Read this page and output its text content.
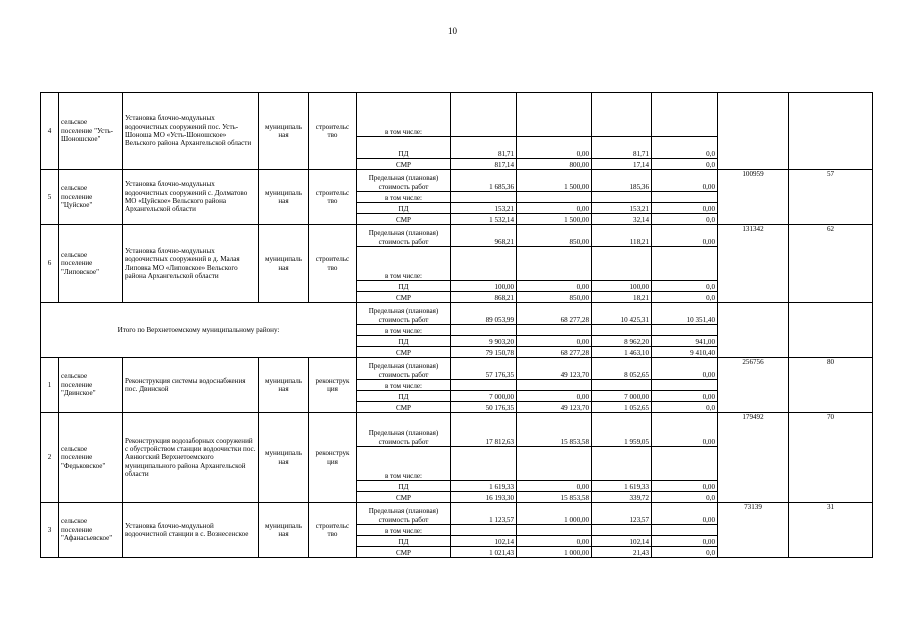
10
4	сельское поселение "Усть-Шоношское"	Установка блочно-модульных водоочистных сооружений пос. Усть-Шоноша МО «Усть-Шоношское» Вельского района Архангельской области	муниципаль ная	строительс тво	в том числе:						
					ПД	81,71	0,00	81,71	0,0		
					СМР	817,14	800,00	17,14	0,0		
5	сельское поселение "Цуйское"	Установка блочно-модульных водоочистных сооружений с. Долматово МО «Цуйское» Вельского района Архангельской области	муниципаль ная	строительс тво	Предельная (плановая) стоимость работ	1 685,36	1 500,00	185,36	0,00	100959	57
					в том числе:						
					ПД	153,21	0,00	153,21	0,00		
					СМР	1 532,14	1 500,00	32,14	0,0		
6	сельское поселение "Липовское"	Установка блочно-модульных водоочистных сооружений в д. Малая Липовка МО «Липовское» Вельского района Архангельской области	муниципаль ная	строительс тво	Предельная (плановая) стоимость работ	968,21	850,00	118,21	0,00	131342	62
					в том числе:						
					ПД	100,00	0,00	100,00	0,0		
					СМР	868,21	850,00	18,21	0,0		
Итого по Верхнетоемскому муниципальному району:					Предельная (плановая) стоимость работ	89 053,99	68 277,28	10 425,31	10 351,40		
					в том числе:						
					ПД	9 903,20	0,00	8 962,20	941,00		
					СМР	79 150,78	68 277,28	1 463,10	9 410,40		
1	сельское поселение "Двинское"	Реконструкция системы водоснабжения пос. Двинской	муниципаль ная	реконструк ция	Предельная (плановая) стоимость работ	57 176,35	49 123,70	8 052,65	0,00	256756	80
					в том числе:						
					ПД	7 000,00	0,00	7 000,00	0,00		
					СМР	50 176,35	49 123,70	1 052,65	0,0		
2	сельское поселение "Федьковское"	Реконструкция водозаборных сооружений с обустройством станции водоочистки пос. Авнюгский Верхнетоемского муниципального района Архангельской области	муниципаль ная	реконструк ция	Предельная (плановая) стоимость работ	17 812,63	15 853,58	1 959,05	0,00	179492	70
					в том числе:						
					ПД	1 619,33	0,00	1 619,33	0,00		
					СМР	16 193,30	15 853,58	339,72	0,0		
3	сельское поселение "Афанасьевское"	Установка блочно-модульной водоочистной станции в с. Вознесенское	муниципаль ная	строительс тво	Предельная (плановая) стоимость работ	1 123,57	1 000,00	123,57	0,00	73139	31
					в том числе:						
					ПД	102,14	0,00	102,14	0,00		
					СМР	1 021,43	1 000,00	21,43	0,0		
